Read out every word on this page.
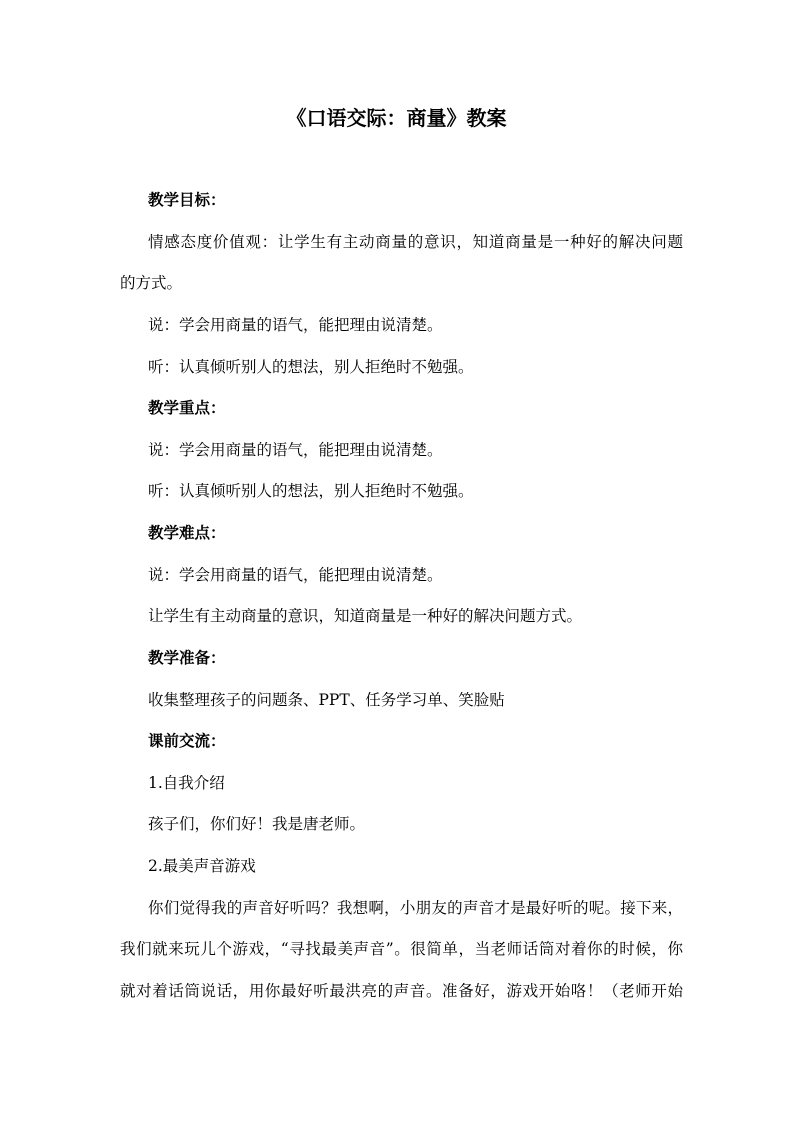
《口语交际：商量》教案
教学目标：
情感态度价值观：让学生有主动商量的意识，知道商量是一种好的解决问题
的方式。
说：学会用商量的语气，能把理由说清楚。
听：认真倾听别人的想法，别人拒绝时不勉强。
教学重点：
说：学会用商量的语气，能把理由说清楚。
听：认真倾听别人的想法，别人拒绝时不勉强。
教学难点：
说：学会用商量的语气，能把理由说清楚。
让学生有主动商量的意识，知道商量是一种好的解决问题方式。
教学准备：
收集整理孩子的问题条、PPT、任务学习单、笑脸贴
课前交流：
1.自我介绍
孩子们，你们好！我是唐老师。
2.最美声音游戏
你们觉得我的声音好听吗？我想啊，小朋友的声音才是最好听的呢。接下来，
我们就来玩儿个游戏，“寻找最美声音”。很简单，当老师话筒对着你的时候，你
就对着话筒说话，用你最好听最洪亮的声音。准备好，游戏开始咯！（老师开始
